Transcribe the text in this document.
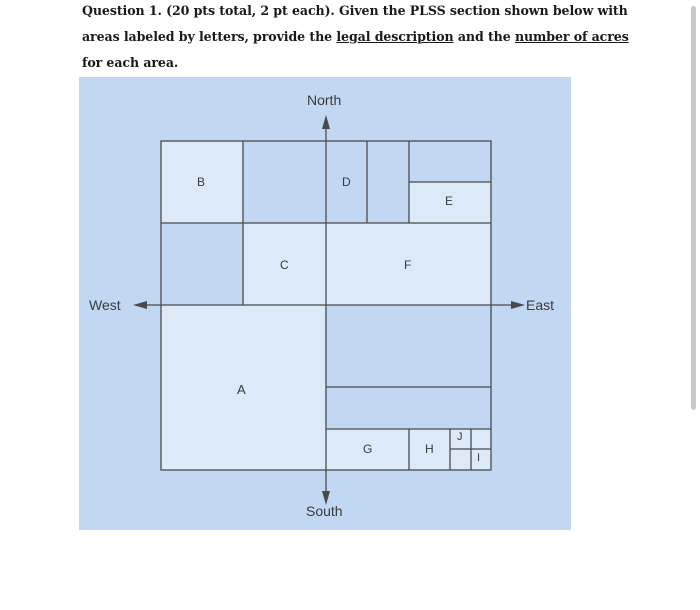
Question 1. (20 pts total, 2 pt each). Given the PLSS section shown below with areas labeled by letters, provide the legal description and the number of acres for each area.
North
South
West	East
B	D
E
C	F
A
G	H
J
I
